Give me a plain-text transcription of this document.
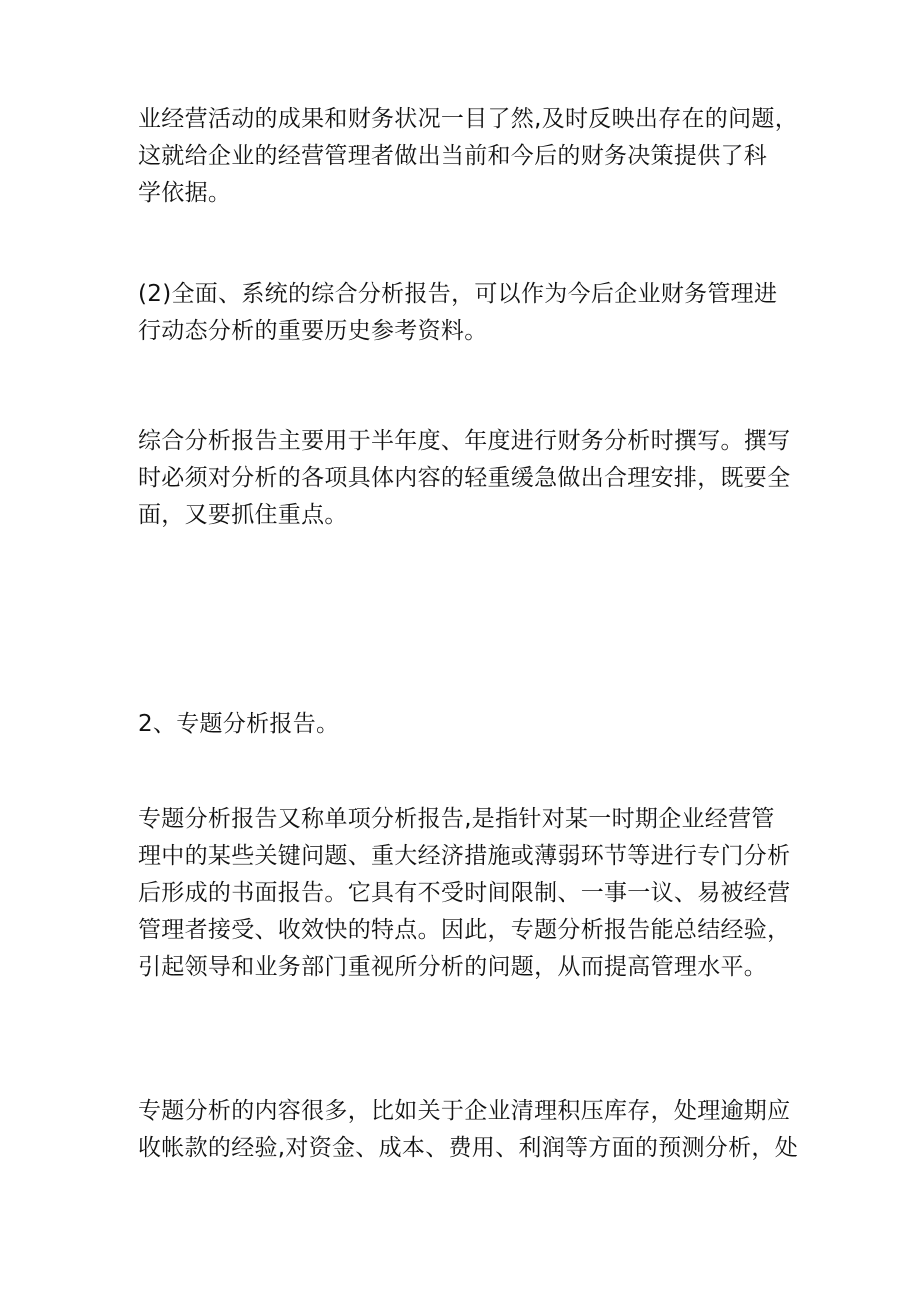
业经营活动的成果和财务状况一目了然,及时反映出存在的问题，
这就给企业的经营管理者做出当前和今后的财务决策提供了科
学依据。
(2)全面、系统的综合分析报告，可以作为今后企业财务管理进
行动态分析的重要历史参考资料。
综合分析报告主要用于半年度、年度进行财务分析时撰写。撰写
时必须对分析的各项具体内容的轻重缓急做出合理安排，既要全
面，又要抓住重点。
2、专题分析报告。
专题分析报告又称单项分析报告,是指针对某一时期企业经营管
理中的某些关键问题、重大经济措施或薄弱环节等进行专门分析
后形成的书面报告。它具有不受时间限制、一事一议、易被经营
管理者接受、收效快的特点。因此，专题分析报告能总结经验，
引起领导和业务部门重视所分析的问题，从而提高管理水平。
专题分析的内容很多，比如关于企业清理积压库存，处理逾期应
收帐款的经验,对资金、成本、费用、利润等方面的预测分析，处
